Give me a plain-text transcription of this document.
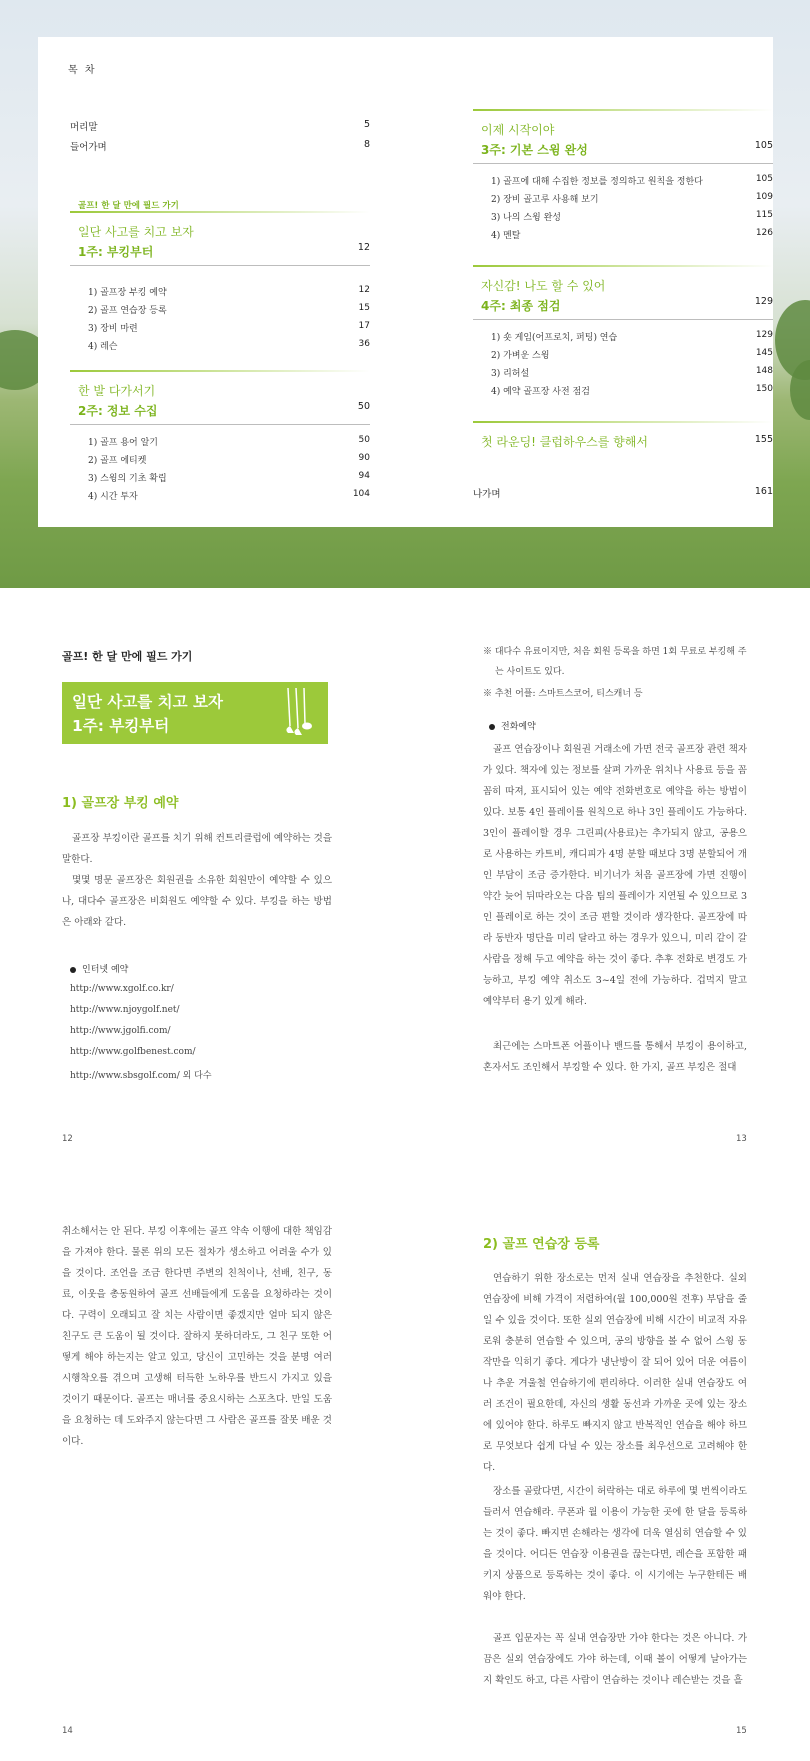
목 차
머리말	5
들어가며	8
골프! 한 달 만에 필드 가기
일단 사고를 치고 보자
1주: 부킹부터	12
1) 골프장 부킹 예약	12
2) 골프 연습장 등록	15
3) 장비 마련	17
4) 레슨	36
한 발 다가서기
2주: 정보 수집	50
1) 골프 용어 알기	50
2) 골프 에티켓	90
3) 스윙의 기초 확립	94
4) 시간 투자	104
이제 시작이야
3주: 기본 스윙 완성	105
1) 골프에 대해 수집한 정보를 정의하고 원칙을 정한다	105
2) 장비 골고루 사용해 보기	109
3) 나의 스윙 완성	115
4) 멘탈	126
자신감! 나도 할 수 있어
4주: 최종 점검	129
1) 숏 게임(어프로치, 퍼팅) 연습	129
2) 가벼운 스윙	145
3) 리허설	148
4) 예약 골프장 사전 점검	150
첫 라운딩! 클럽하우스를 향해서	155
나가며	161
골프! 한 달 만에 필드 가기
일단 사고를 치고 보자
1주: 부킹부터
1) 골프장 부킹 예약
골프장 부킹이란 골프를 치기 위해 컨트리클럽에 예약하는 것을 말한다.
몇몇 명문 골프장은 회원권을 소유한 회원만이 예약할 수 있으나, 대다수 골프장은 비회원도 예약할 수 있다. 부킹을 하는 방법은 아래와 같다.
인터넷 예약
http://www.xgolf.co.kr/
http://www.njoygolf.net/
http://www.jgolfi.com/
http://www.golfbenest.com/
http://www.sbsgolf.com/ 외 다수
12
※ 대다수 유료이지만, 처음 회원 등록을 하면 1회 무료로 부킹해 주는 사이트도 있다.
※ 추천 어플: 스마트스코어, 티스캐너 등
전화예약
골프 연습장이나 회원권 거래소에 가면 전국 골프장 관련 책자가 있다. 책자에 있는 정보를 살펴 가까운 위치나 사용료 등을 꼼꼼히 따져, 표시되어 있는 예약 전화번호로 예약을 하는 방법이 있다. 보통 4인 플레이를 원칙으로 하나 3인 플레이도 가능하다. 3인이 플레이할 경우 그린피(사용료)는 추가되지 않고, 공용으로 사용하는 카트비, 캐디피가 4명 분할 때보다 3명 분할되어 개인 부담이 조금 증가한다. 비기너가 처음 골프장에 가면 진행이 약간 늦어 뒤따라오는 다음 팀의 플레이가 지연될 수 있으므로 3인 플레이로 하는 것이 조금 편할 것이라 생각한다. 골프장에 따라 동반자 명단을 미리 달라고 하는 경우가 있으니, 미리 같이 갈 사람을 정해 두고 예약을 하는 것이 좋다. 추후 전화로 변경도 가능하고, 부킹 예약 취소도 3~4일 전에 가능하다. 겁먹지 말고 예약부터 용기 있게 해라.
최근에는 스마트폰 어플이나 밴드를 통해서 부킹이 용이하고, 혼자서도 조인해서 부킹할 수 있다. 한 가지, 골프 부킹은 절대
13
취소해서는 안 된다. 부킹 이후에는 골프 약속 이행에 대한 책임감을 가져야 한다. 물론 위의 모든 절차가 생소하고 어려울 수가 있을 것이다. 조언을 조금 한다면 주변의 친척이나, 선배, 친구, 동료, 이웃을 총동원하여 골프 선배들에게 도움을 요청하라는 것이다. 구력이 오래되고 잘 치는 사람이면 좋겠지만 얼마 되지 않은 친구도 큰 도움이 될 것이다. 잘하지 못하더라도, 그 친구 또한 어떻게 해야 하는지는 알고 있고, 당신이 고민하는 것을 분명 여러 시행착오를 겪으며 고생해 터득한 노하우를 반드시 가지고 있을 것이기 때문이다. 골프는 매너를 중요시하는 스포츠다. 만일 도움을 요청하는 데 도와주지 않는다면 그 사람은 골프를 잘못 배운 것이다.
14
2) 골프 연습장 등록
연습하기 위한 장소로는 먼저 실내 연습장을 추천한다. 실외 연습장에 비해 가격이 저렴하여(월 100,000원 전후) 부담을 줄일 수 있을 것이다. 또한 실외 연습장에 비해 시간이 비교적 자유로워 충분히 연습할 수 있으며, 공의 방향을 볼 수 없어 스윙 동작만을 익히기 좋다. 게다가 냉난방이 잘 되어 있어 더운 여름이나 추운 겨울철 연습하기에 편리하다. 이러한 실내 연습장도 여러 조건이 필요한데, 자신의 생활 동선과 가까운 곳에 있는 장소에 있어야 한다. 하루도 빠지지 않고 반복적인 연습을 해야 하므로 무엇보다 쉽게 다닐 수 있는 장소를 최우선으로 고려해야 한다.
장소를 골랐다면, 시간이 허락하는 대로 하루에 몇 번씩이라도 들러서 연습해라. 쿠폰과 월 이용이 가능한 곳에 한 달을 등록하는 것이 좋다. 빠지면 손해라는 생각에 더욱 열심히 연습할 수 있을 것이다. 어디든 연습장 이용권을 끊는다면, 레슨을 포함한 패키지 상품으로 등록하는 것이 좋다. 이 시기에는 누구한테든 배워야 한다.
골프 입문자는 꼭 실내 연습장만 가야 한다는 것은 아니다. 가끔은 실외 연습장에도 가야 하는데, 이때 볼이 어떻게 날아가는지 확인도 하고, 다른 사람이 연습하는 것이나 레슨받는 것을 흘
15
